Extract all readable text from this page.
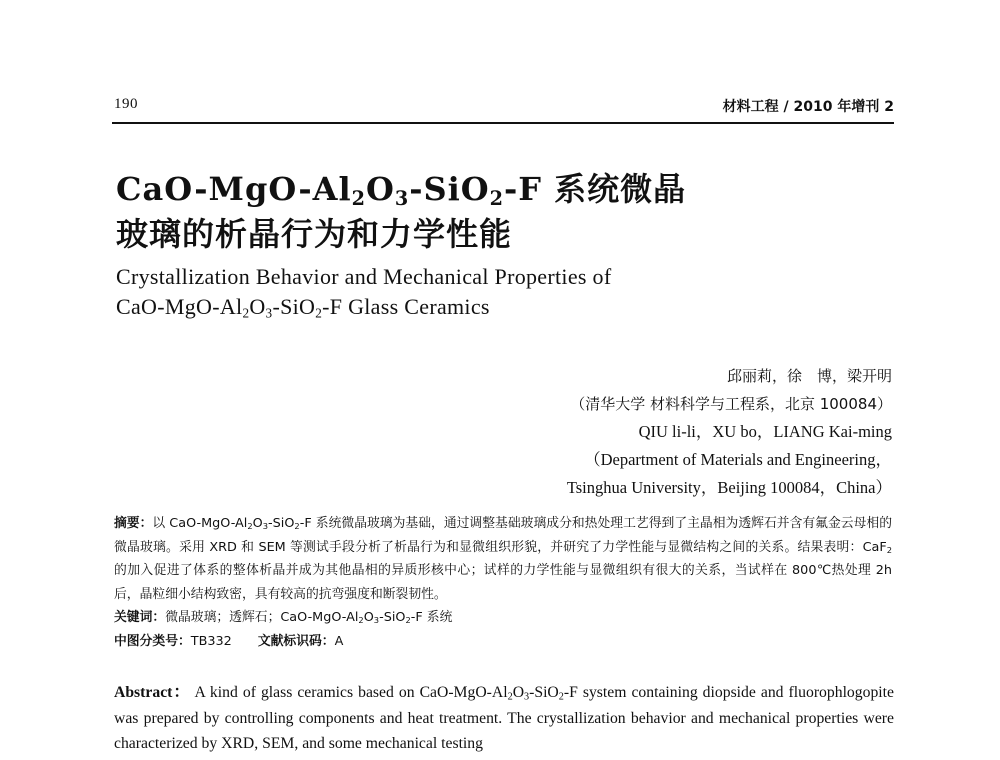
190	材料工程 / 2010 年增刊 2
CaO-$MgO-Al_2O_3-SiO_2-F$ 系统微晶
玻璃的析晶行为和力学性能
Crystallization Behavior and Mechanical Properties of
CaO-$MgO-Al_2O_3-SiO_2-F$ Glass Ceramics
邱丽莉，徐　博，梁开明
（清华大学 材料科学与工程系，北京 100084）
QIU li-li，XU bo，LIANG Kai-ming
（Department of Materials and Engineering，
Tsinghua University，Beijing 100084，China）
摘要：以 CaO-$MgO-Al_2O_3-SiO_2-F$ 系统微晶玻璃为基础，通过调整基础玻璃成分和热处理工艺得到了主晶相为透辉石并含有氟金云母相的微晶玻璃。采用 XRD 和 SEM 等测试手段分析了析晶行为和显微组织形貌，并研究了力学性能与显微结构之间的关系。结果表明：CaF$_2$ 的加入促进了体系的整体析晶并成为其他晶相的异质形核中心；试样的力学性能与显微组织有很大的关系，当试样在 800℃热处理 2h 后，晶粒细小结构致密，具有较高的抗弯强度和断裂韧性。
关键词：微晶玻璃；透辉石；CaO-$MgO-Al_2O_3-SiO_2-F$ 系统
中图分类号：TB332 文献标识码：A
Abstract： A kind of glass ceramics based on CaO-$MgO-Al_2O_3-SiO_2-F$ system containing diopside and fluorophlogopite was prepared by controlling components and heat treatment. The crystallization behavior and mechanical properties were characterized by XRD, SEM, and some mechanical testing
